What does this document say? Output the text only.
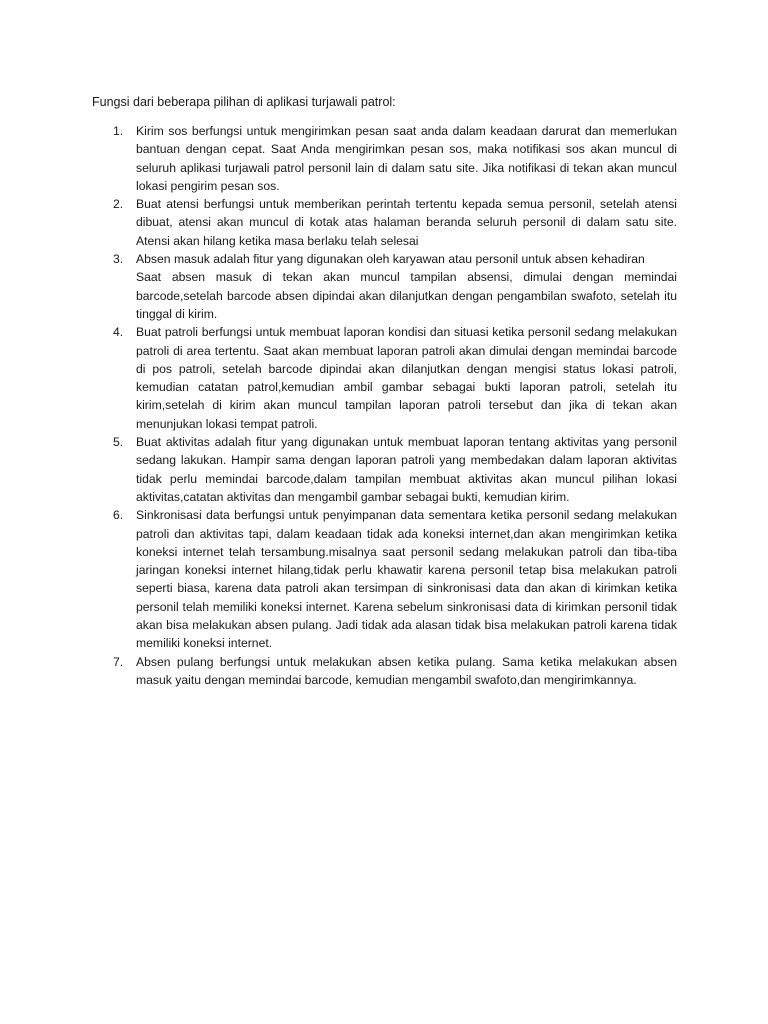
Fungsi dari beberapa pilihan di aplikasi turjawali patrol:

1. Kirim sos berfungsi untuk mengirimkan pesan saat anda dalam keadaan darurat dan memerlukan bantuan dengan cepat. Saat Anda mengirimkan pesan sos, maka notifikasi sos akan muncul di seluruh aplikasi turjawali patrol personil lain di dalam satu site. Jika notifikasi di tekan akan muncul lokasi pengirim pesan sos.
2. Buat atensi berfungsi untuk memberikan perintah tertentu kepada semua personil, setelah atensi dibuat, atensi akan muncul di kotak atas halaman beranda seluruh personil di dalam satu site. Atensi akan hilang ketika masa berlaku telah selesai
3. Absen masuk adalah fitur yang digunakan oleh karyawan atau personil untuk absen kehadiran
Saat absen masuk di tekan akan muncul tampilan absensi, dimulai dengan memindai barcode,setelah barcode absen dipindai akan dilanjutkan dengan pengambilan swafoto, setelah itu tinggal di kirim.
4. Buat patroli berfungsi untuk membuat laporan kondisi dan situasi ketika personil sedang melakukan patroli di area tertentu. Saat akan membuat laporan patroli akan dimulai dengan memindai barcode di pos patroli, setelah barcode dipindai akan dilanjutkan dengan mengisi status lokasi patroli, kemudian catatan patrol,kemudian ambil gambar sebagai bukti laporan patroli, setelah itu kirim,setelah di kirim akan muncul tampilan laporan patroli tersebut dan jika di tekan akan menunjukan lokasi tempat patroli.
5. Buat aktivitas adalah fitur yang digunakan untuk membuat laporan tentang aktivitas yang personil sedang lakukan. Hampir sama dengan laporan patroli yang membedakan dalam laporan aktivitas tidak perlu memindai barcode,dalam tampilan membuat aktivitas akan muncul pilihan lokasi aktivitas,catatan aktivitas dan mengambil gambar sebagai bukti, kemudian kirim.
6. Sinkronisasi data berfungsi untuk penyimpanan data sementara ketika personil sedang melakukan patroli dan aktivitas tapi, dalam keadaan tidak ada koneksi internet,dan akan mengirimkan ketika koneksi internet telah tersambung.misalnya saat personil sedang melakukan patroli dan tiba-tiba jaringan koneksi internet hilang,tidak perlu khawatir karena personil tetap bisa melakukan patroli seperti biasa, karena data patroli akan tersimpan di sinkronisasi data dan akan di kirimkan ketika personil telah memiliki koneksi internet. Karena sebelum sinkronisasi data di kirimkan personil tidak akan bisa melakukan absen pulang. Jadi tidak ada alasan tidak bisa melakukan patroli karena tidak memiliki koneksi internet.
7. Absen pulang berfungsi untuk melakukan absen ketika pulang. Sama ketika melakukan absen masuk yaitu dengan memindai barcode, kemudian mengambil swafoto,dan mengirimkannya.
